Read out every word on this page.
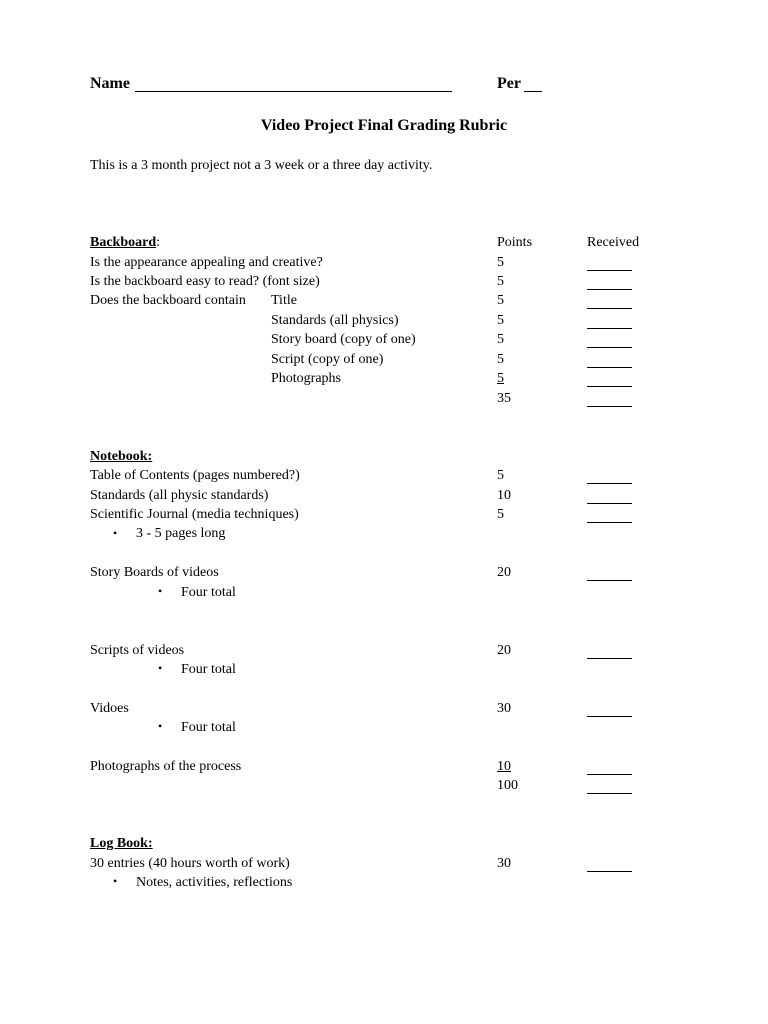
Name	Per
Video Project Final Grading Rubric
This is a 3 month project not a 3 week or a three day activity.
Points	Received
Backboard:
Is the appearance appealing and creative?	5
Is the backboard easy to read? (font size)	5
Does the backboard contain Title	5
Standards (all physics)	5
Story board (copy of one)	5
Script (copy of one)	5
Photographs	5
35
Notebook:
Table of Contents (pages numbered?)	5
Standards (all physic standards)	10
Scientific Journal (media techniques)	5
• 3 - 5 pages long
Story Boards of videos	20
• Four total
Scripts of videos	20
• Four total
Vidoes	30
• Four total
Photographs of the process	10
100
Log Book:
30 entries (40 hours worth of work)	30
• Notes, activities, reflections
